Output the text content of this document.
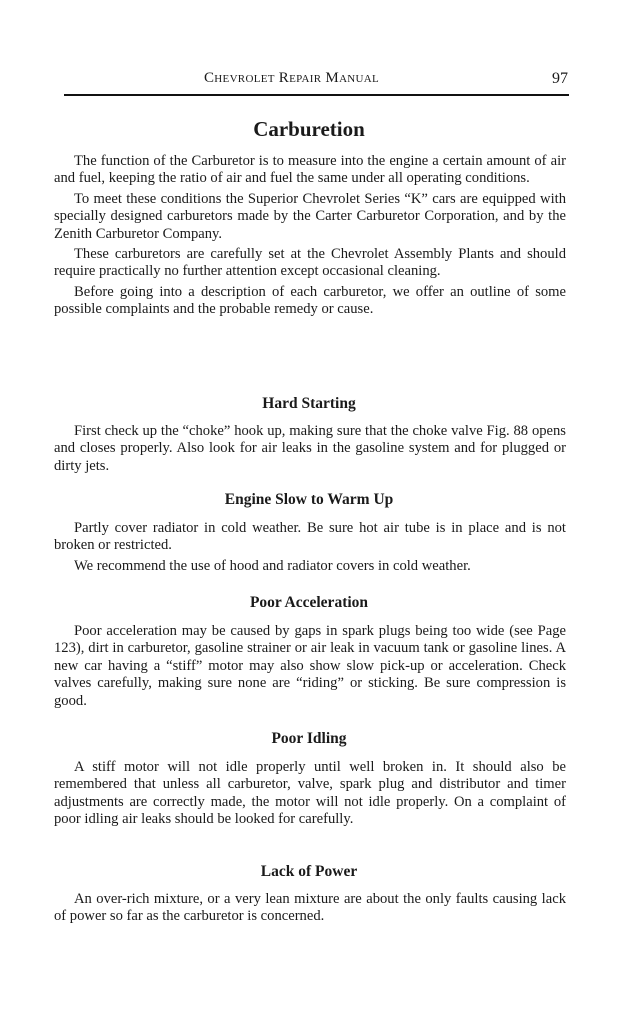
Chevrolet Repair Manual	97
Carburetion

The function of the Carburetor is to measure into the engine a certain amount of air and fuel, keeping the ratio of air and fuel the same under all operating conditions.

To meet these conditions the Superior Chevrolet Series “K” cars are equipped with specially designed carburetors made by the Carter Carburetor Corporation, and by the Zenith Carburetor Company.

These carburetors are carefully set at the Chevrolet Assembly Plants and should require practically no further attention except occasional cleaning.

Before going into a description of each carburetor, we offer an outline of some possible complaints and the probable remedy or cause.

Hard Starting

First check up the “choke” hook up, making sure that the choke valve Fig. 88 opens and closes properly. Also look for air leaks in the gasoline system and for plugged or dirty jets.

Engine Slow to Warm Up

Partly cover radiator in cold weather. Be sure hot air tube is in place and is not broken or restricted.

We recommend the use of hood and radiator covers in cold weather.

Poor Acceleration

Poor acceleration may be caused by gaps in spark plugs being too wide (see Page 123), dirt in carburetor, gasoline strainer or air leak in vacuum tank or gasoline lines. A new car having a “stiff” motor may also show slow pick-up or acceleration. Check valves carefully, making sure none are “riding” or sticking. Be sure compression is good.

Poor Idling

A stiff motor will not idle properly until well broken in. It should also be remembered that unless all carburetor, valve, spark plug and distributor and timer adjustments are correctly made, the motor will not idle properly. On a complaint of poor idling air leaks should be looked for carefully.

Lack of Power

An over-rich mixture, or a very lean mixture are about the only faults causing lack of power so far as the carburetor is concerned.
